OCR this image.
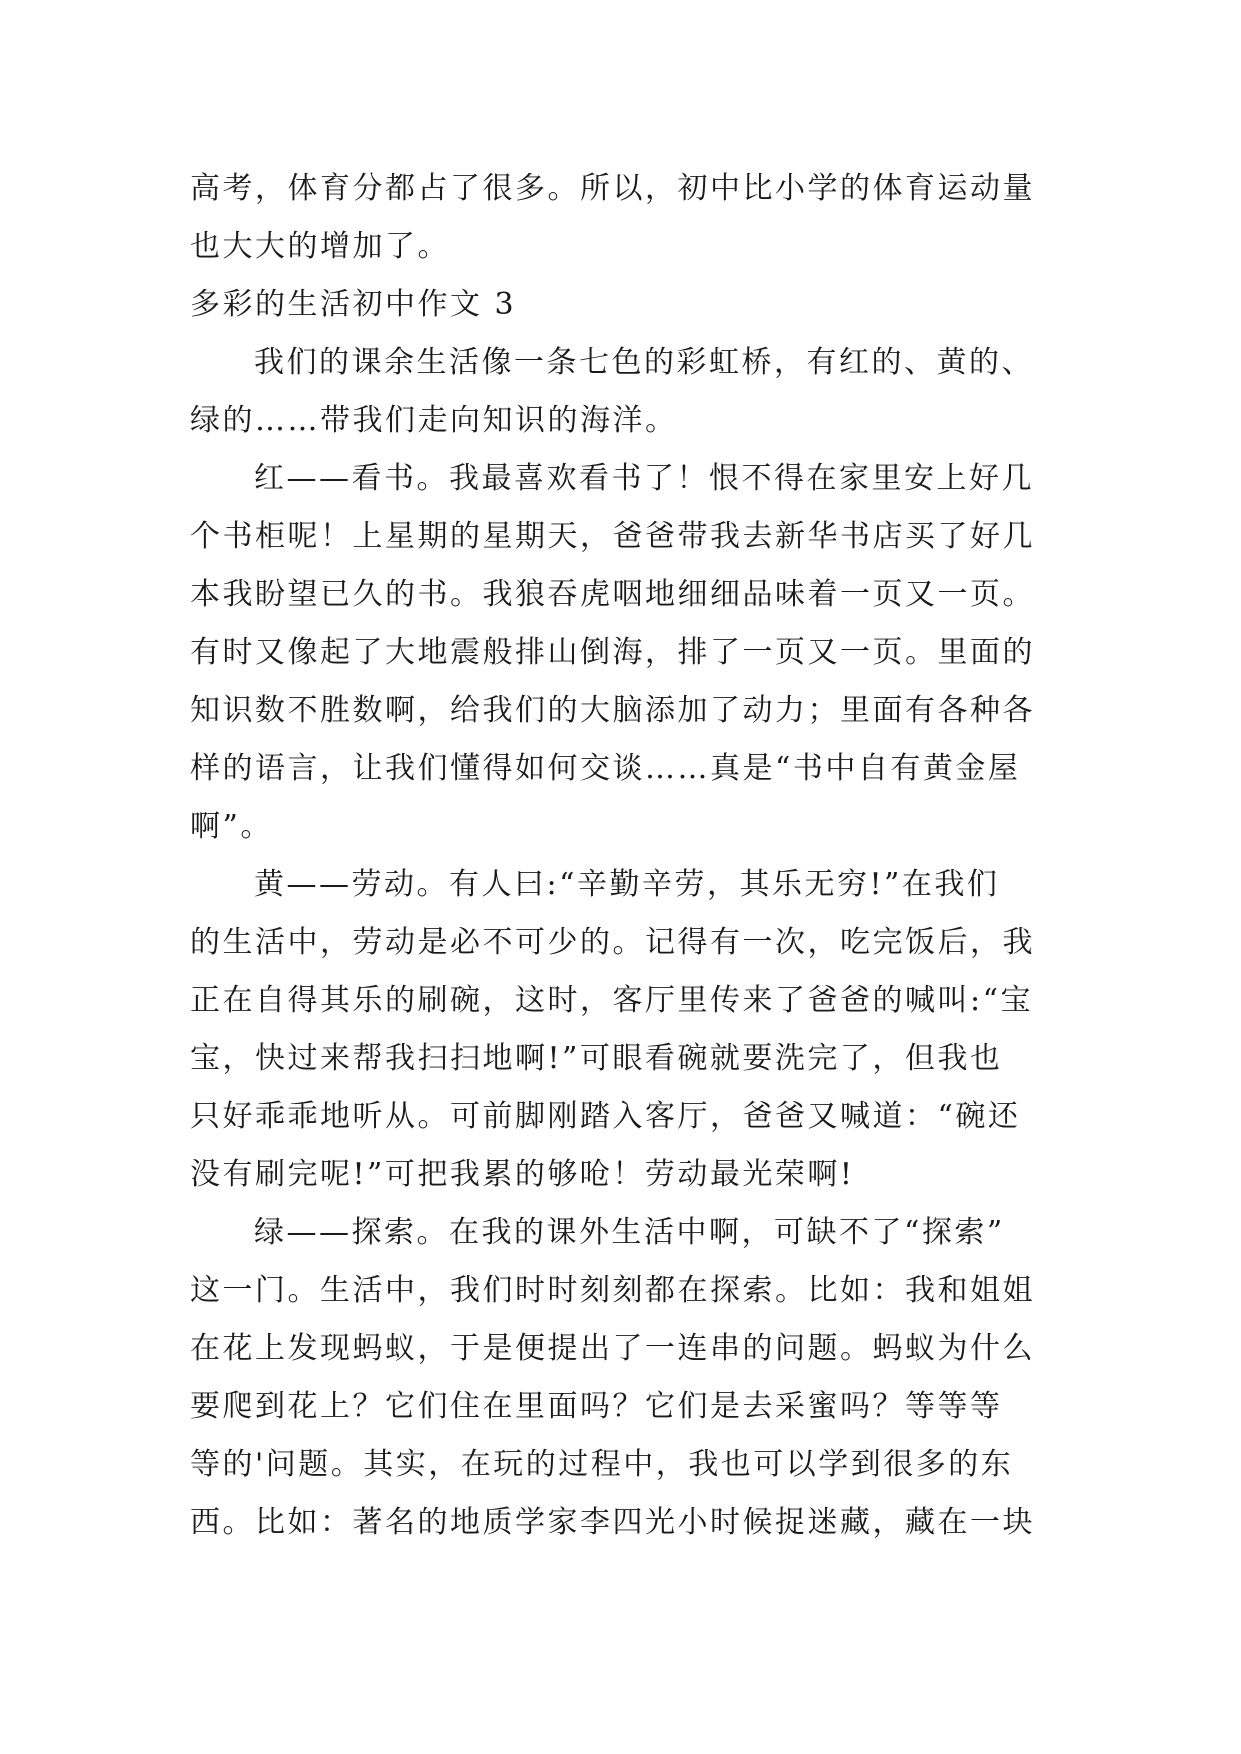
高考，体育分都占了很多。所以，初中比小学的体育运动量
也大大的增加了。
多彩的生活初中作文 3
我们的课余生活像一条七色的彩虹桥，有红的、黄的、
绿的……带我们走向知识的海洋。
红——看书。我最喜欢看书了！恨不得在家里安上好几
个书柜呢！上星期的星期天，爸爸带我去新华书店买了好几
本我盼望已久的书。我狼吞虎咽地细细品味着一页又一页。
有时又像起了大地震般排山倒海，排了一页又一页。里面的
知识数不胜数啊，给我们的大脑添加了动力；里面有各种各
样的语言，让我们懂得如何交谈……真是“书中自有黄金屋
啊”。
黄——劳动。有人曰:“辛勤辛劳，其乐无穷!”在我们
的生活中，劳动是必不可少的。记得有一次，吃完饭后，我
正在自得其乐的刷碗，这时，客厅里传来了爸爸的喊叫:“宝
宝，快过来帮我扫扫地啊!”可眼看碗就要洗完了，但我也
只好乖乖地听从。可前脚刚踏入客厅，爸爸又喊道：“碗还
没有刷完呢!”可把我累的够呛！劳动最光荣啊!
绿——探索。在我的课外生活中啊，可缺不了“探索”
这一门。生活中，我们时时刻刻都在探索。比如：我和姐姐
在花上发现蚂蚁，于是便提出了一连串的问题。蚂蚁为什么
要爬到花上？它们住在里面吗？它们是去采蜜吗？等等等
等的'问题。其实，在玩的过程中，我也可以学到很多的东
西。比如：著名的地质学家李四光小时候捉迷藏，藏在一块
